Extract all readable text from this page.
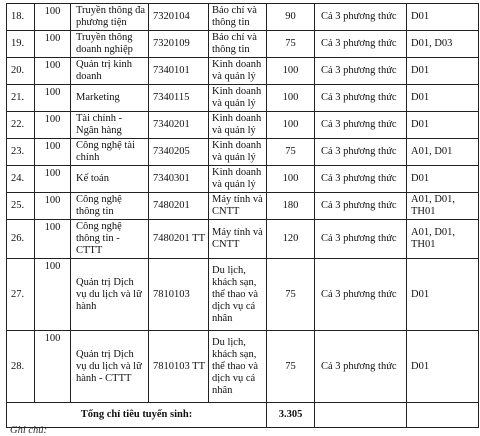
18.	100	Truyền thông đa phương tiện	7320104	Báo chí và thông tin	90	Cả 3 phương thức	D01
19.	100	Truyền thông doanh nghiệp	7320109	Báo chí và thông tin	75	Cả 3 phương thức	D01, D03
20.	100	Quản trị kinh doanh	7340101	Kinh doanh và quản lý	100	Cả 3 phương thức	D01
21.	100	Marketing	7340115	Kinh doanh và quản lý	100	Cả 3 phương thức	D01
22.	100	Tài chính - Ngân hàng	7340201	Kinh doanh và quản lý	100	Cả 3 phương thức	D01
23.	100	Công nghệ tài chính	7340205	Kinh doanh và quản lý	75	Cả 3 phương thức	A01, D01
24.	100	Kế toán	7340301	Kinh doanh và quản lý	100	Cả 3 phương thức	D01
25.	100	Công nghệ thông tin	7480201	Máy tính và CNTT	180	Cả 3 phương thức	A01, D01, TH01
26.	100	Công nghệ thông tin - CTTT	7480201 TT	Máy tính và CNTT	120	Cả 3 phương thức	A01, D01, TH01
27.	100	Quản trị Dịch vụ du lịch và lữ hành	7810103	Du lịch, khách sạn, thể thao và dịch vụ cá nhân	75	Cả 3 phương thức	D01
28.	100	Quản trị Dịch vụ du lịch và lữ hành - CTTT	7810103 TT	Du lịch, khách sạn, thể thao và dịch vụ cá nhân	75	Cả 3 phương thức	D01
Tổng chỉ tiêu tuyển sinh:					3.305		
Ghi chú:
